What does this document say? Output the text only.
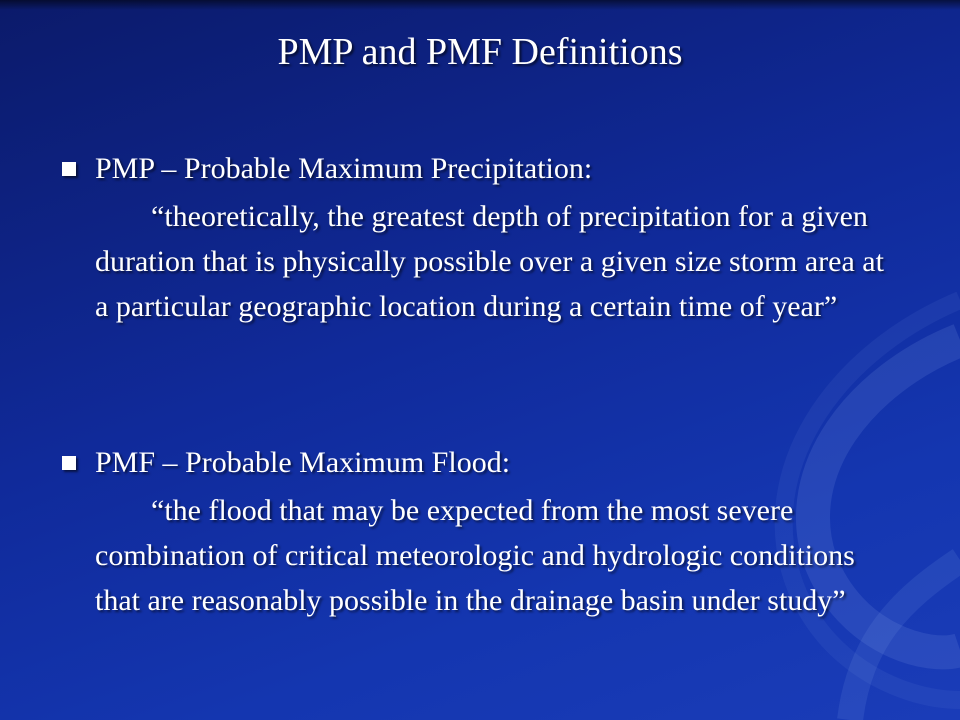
PMP and PMF Definitions
PMP – Probable Maximum Precipitation:
“theoretically, the greatest depth of precipitation for a given duration that is physically possible over a given size storm area at a particular geographic location during a certain time of year”
PMF – Probable Maximum Flood:
“the flood that may be expected from the most severe combination of critical meteorologic and hydrologic conditions that are reasonably possible in the drainage basin under study”
